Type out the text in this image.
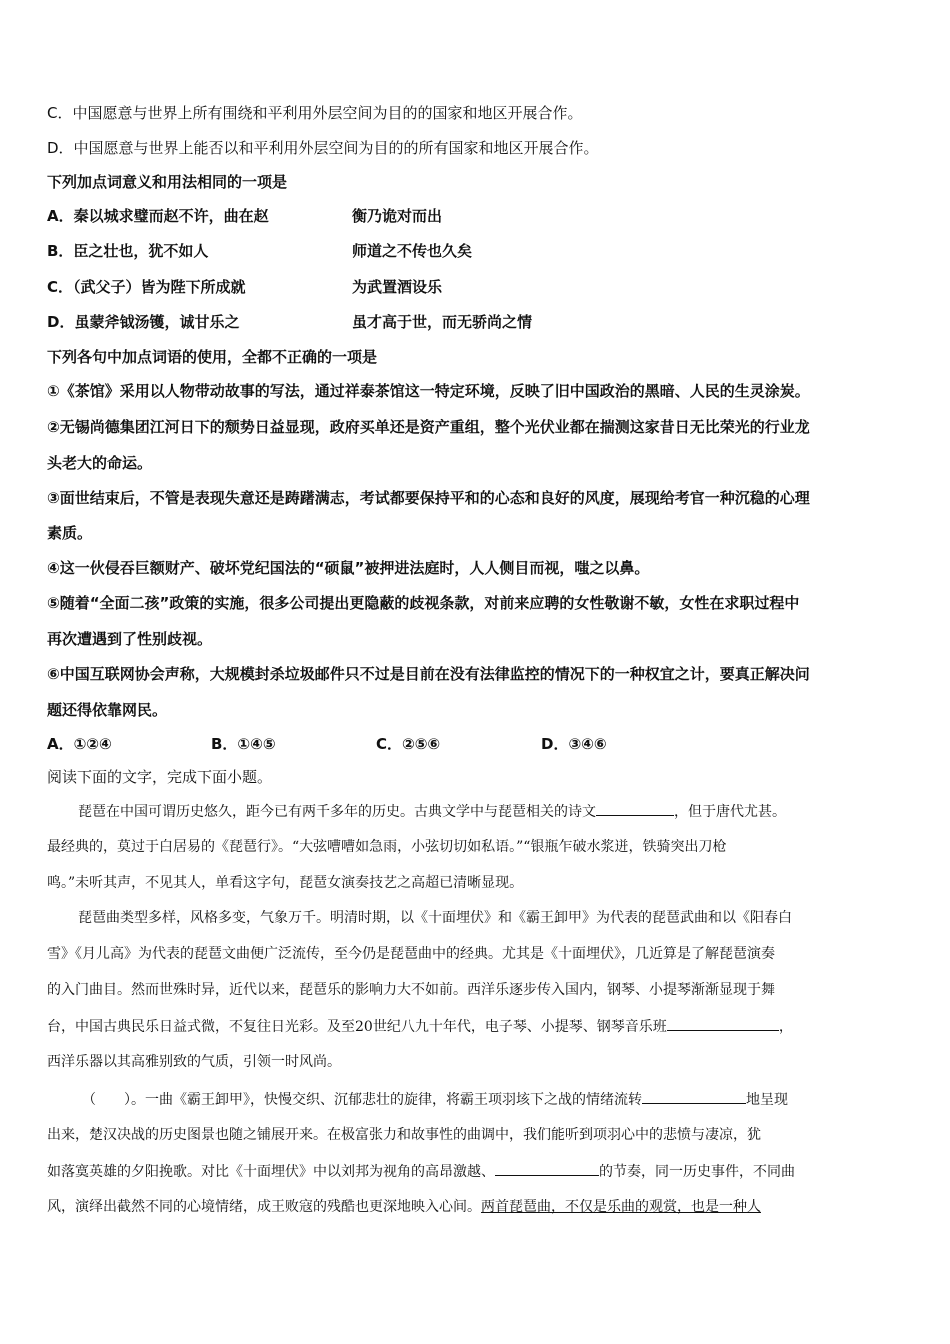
C．中国愿意与世界上所有围绕和平利用外层空间为目的的国家和地区开展合作。
D．中国愿意与世界上能否以和平利用外层空间为目的的所有国家和地区开展合作。
下列加点词意义和用法相同的一项是
A．秦以城求璧而赵不许，曲在赵	衡乃诡对而出
B．臣之壮也，犹不如人	师道之不传也久矣
C．（武父子）皆为陛下所成就	为武置酒设乐
D．虽蒙斧钺汤镬，诚甘乐之	虽才高于世，而无骄尚之情
下列各句中加点词语的使用，全都不正确的一项是
①《茶馆》采用以人物带动故事的写法，通过祥泰茶馆这一特定环境，反映了旧中国政治的黑暗、人民的生灵涂炭。
②无锡尚德集团江河日下的颓势日益显现，政府买单还是资产重组，整个光伏业都在揣测这家昔日无比荣光的行业龙
头老大的命运。
③面世结束后，不管是表现失意还是踌躇满志，考试都要保持平和的心态和良好的风度，展现给考官一种沉稳的心理
素质。
④这一伙侵吞巨额财产、破坏党纪国法的“硕鼠”被押进法庭时，人人侧目而视，嗤之以鼻。
⑤随着“全面二孩”政策的实施，很多公司提出更隐蔽的歧视条款，对前来应聘的女性敬谢不敏，女性在求职过程中
再次遭遇到了性别歧视。
⑥中国互联网协会声称，大规模封杀垃圾邮件只不过是目前在没有法律监控的情况下的一种权宜之计，要真正解决问
题还得依靠网民。
A．①②④	B．①④⑤	C．②⑤⑥	D．③④⑥
阅读下面的文字，完成下面小题。
琵琶在中国可谓历史悠久，距今已有两千多年的历史。古典文学中与琵琶相关的诗文	，但于唐代尤甚。
最经典的，莫过于白居易的《琵琶行》。“大弦嘈嘈如急雨，小弦切切如私语。”“银瓶乍破水浆迸，铁骑突出刀枪
鸣。”未听其声，不见其人，单看这字句，琵琶女演奏技艺之高超已清晰显现。
琵琶曲类型多样，风格多变，气象万千。明清时期，以《十面埋伏》和《霸王卸甲》为代表的琵琶武曲和以《阳春白
雪》《月儿高》为代表的琵琶文曲便广泛流传，至今仍是琵琶曲中的经典。尤其是《十面埋伏》，几近算是了解琵琶演奏
的入门曲目。然而世殊时异，近代以来，琵琶乐的影响力大不如前。西洋乐逐步传入国内，钢琴、小提琴渐渐显现于舞
台，中国古典民乐日益式微，不复往日光彩。及至20世纪八九十年代，电子琴、小提琴、钢琴音乐班	，
西洋乐器以其高雅别致的气质，引领一时风尚。
（　　）。一曲《霸王卸甲》，快慢交织、沉郁悲壮的旋律，将霸王项羽垓下之战的情绪流转	地呈现
出来，楚汉决战的历史图景也随之铺展开来。在极富张力和故事性的曲调中，我们能听到项羽心中的悲愤与凄凉，犹
如落寞英雄的夕阳挽歌。对比《十面埋伏》中以刘邦为视角的高昂激越、	的节奏，同一历史事件，不同曲
风，演绎出截然不同的心境情绪，成王败寇的残酷也更深地映入心间。两首琵琶曲，不仅是乐曲的观赏，也是一种人
